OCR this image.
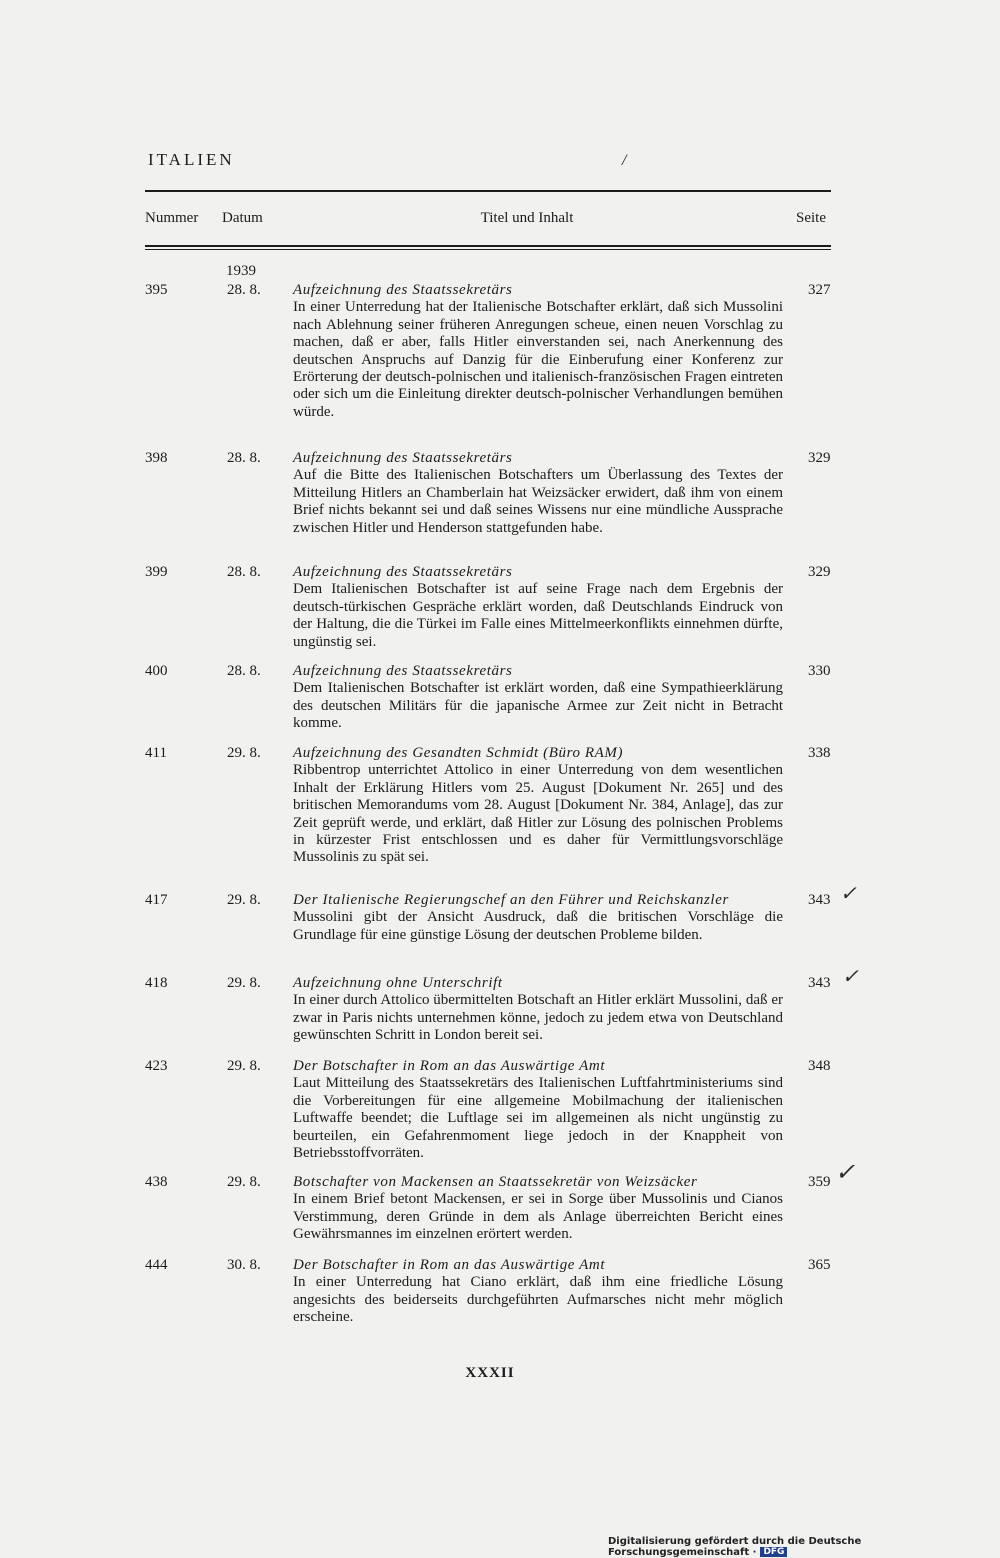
ITALIEN	/
Nummer Datum	Titel und Inhalt	Seite
1939
395	28. 8. Aufzeichnung des Staatssekretärs
In einer Unterredung hat der Italienische Botschafter erklärt, daß sich Mussolini nach Ablehnung seiner früheren Anregungen scheue, einen neuen Vorschlag zu machen, daß er aber, falls Hitler einverstanden sei, nach Anerkennung des deutschen Anspruchs auf Danzig für die Einberufung einer Konferenz zur Erörterung der deutsch-polnischen und italienisch-französischen Fragen eintreten oder sich um die Einleitung direkter deutsch-polnischer Verhandlungen bemühen würde.
327
398	28. 8. Aufzeichnung des Staatssekretärs
Auf die Bitte des Italienischen Botschafters um Überlassung des Textes der Mitteilung Hitlers an Chamberlain hat Weizsäcker erwidert, daß ihm von einem Brief nichts bekannt sei und daß seines Wissens nur eine mündliche Aussprache zwischen Hitler und Henderson stattgefunden habe.
329
399	28. 8. Aufzeichnung des Staatssekretärs
Dem Italienischen Botschafter ist auf seine Frage nach dem Ergebnis der deutsch-türkischen Gespräche erklärt worden, daß Deutschlands Eindruck von der Haltung, die die Türkei im Falle eines Mittelmeerkonflikts einnehmen dürfte, ungünstig sei.
329
400	28. 8. Aufzeichnung des Staatssekretärs
Dem Italienischen Botschafter ist erklärt worden, daß eine Sympathieerklärung des deutschen Militärs für die japanische Armee zur Zeit nicht in Betracht komme.
330
411	29. 8. Aufzeichnung des Gesandten Schmidt (Büro RAM)
Ribbentrop unterrichtet Attolico in einer Unterredung von dem wesentlichen Inhalt der Erklärung Hitlers vom 25. August [Dokument Nr. 265] und des britischen Memorandums vom 28. August [Dokument Nr. 384, Anlage], das zur Zeit geprüft werde, und erklärt, daß Hitler zur Lösung des polnischen Problems in kürzester Frist entschlossen und es daher für Vermittlungsvorschläge Mussolinis zu spät sei.
338
417	29. 8. Der Italienische Regierungschef an den Führer und Reichskanzler
Mussolini gibt der Ansicht Ausdruck, daß die britischen Vorschläge die Grundlage für eine günstige Lösung der deutschen Probleme bilden.
343 ✓
418	29. 8. Aufzeichnung ohne Unterschrift
In einer durch Attolico übermittelten Botschaft an Hitler erklärt Mussolini, daß er zwar in Paris nichts unternehmen könne, jedoch zu jedem etwa von Deutschland gewünschten Schritt in London bereit sei.
343 ✓
423	29. 8. Der Botschafter in Rom an das Auswärtige Amt
Laut Mitteilung des Staatssekretärs des Italienischen Luftfahrtministeriums sind die Vorbereitungen für eine allgemeine Mobilmachung der italienischen Luftwaffe beendet; die Luftlage sei im allgemeinen als nicht ungünstig zu beurteilen, ein Gefahrenmoment liege jedoch in der Knappheit von Betriebsstoffvorräten.
348
438	29. 8. Botschafter von Mackensen an Staatssekretär von Weizsäcker
In einem Brief betont Mackensen, er sei in Sorge über Mussolinis und Cianos Verstimmung, deren Gründe in dem als Anlage überreichten Bericht eines Gewährsmannes im einzelnen erörtert werden.
359 ✓
444	30. 8. Der Botschafter in Rom an das Auswärtige Amt
In einer Unterredung hat Ciano erklärt, daß ihm eine friedliche Lösung angesichts des beiderseits durchgeführten Aufmarsches nicht mehr möglich erscheine.
365
XXXII
Digitalisierung gefördert durch die Deutsche Forschungsgemeinschaft · DFG
